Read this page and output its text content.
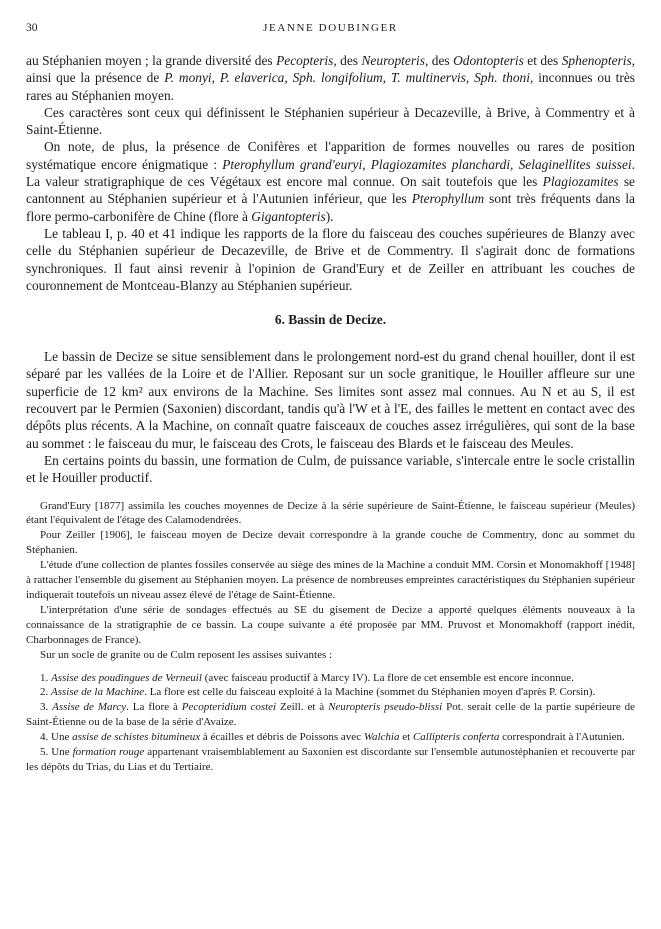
30	JEANNE DOUBINGER

au Stéphanien moyen ; la grande diversité des Pecopteris, des Neuropteris, des Odontopteris et des Sphenopteris, ainsi que la présence de P. monyi, P. elaverica, Sph. longifolium, T. multinervis, Sph. thoni, inconnues ou très rares au Stéphanien moyen.

Ces caractères sont ceux qui définissent le Stéphanien supérieur à Decazeville, à Brive, à Commentry et à Saint-Étienne.

On note, de plus, la présence de Conifères et l'apparition de formes nouvelles ou rares de position systématique encore énigmatique : Pterophyllum grand'euryi, Plagiozamites planchardi, Selaginellites suissei. La valeur stratigraphique de ces Végétaux est encore mal connue. On sait toutefois que les Plagiozamites se cantonnent au Stéphanien supérieur et à l'Autunien inférieur, que les Pterophyllum sont très fréquents dans la flore permo-carbonifère de Chine (flore à Gigantopteris).

Le tableau I, p. 40 et 41 indique les rapports de la flore du faisceau des couches supérieures de Blanzy avec celle du Stéphanien supérieur de Decazeville, de Brive et de Commentry. Il s'agirait donc de formations synchroniques. Il faut ainsi revenir à l'opinion de Grand'Eury et de Zeiller en attribuant les couches de couronnement de Montceau-Blanzy au Stéphanien supérieur.

6. Bassin de Decize.

Le bassin de Decize se situe sensiblement dans le prolongement nord-est du grand chenal houiller, dont il est séparé par les vallées de la Loire et de l'Allier. Reposant sur un socle granitique, le Houiller affleure sur une superficie de 12 km² aux environs de la Machine. Ses limites sont assez mal connues. Au N et au S, il est recouvert par le Permien (Saxonien) discordant, tandis qu'à l'W et à l'E, des failles le mettent en contact avec des dépôts plus récents. A la Machine, on connaît quatre faisceaux de couches assez irrégulières, qui sont de la base au sommet : le faisceau du mur, le faisceau des Crots, le faisceau des Blards et le faisceau des Meules.

En certains points du bassin, une formation de Culm, de puissance variable, s'intercale entre le socle cristallin et le Houiller productif.

Grand'Eury [1877] assimila les couches moyennes de Decize à la série supérieure de Saint-Étienne, le faisceau supérieur (Meules) étant l'équivalent de l'étage des Calamodendrées.

Pour Zeiller [1906], le faisceau moyen de Decize devait correspondre à la grande couche de Commentry, donc au sommet du Stéphanien.

L'étude d'une collection de plantes fossiles conservée au siège des mines de la Machine a conduit MM. Corsin et Monomakhoff [1948] à rattacher l'ensemble du gisement au Stéphanien moyen. La présence de nombreuses empreintes caractéristiques du Stéphanien supérieur indiquerait toutefois un niveau assez élevé de l'étage de Saint-Étienne.

L'interprétation d'une série de sondages effectués au SE du gisement de Decize a apporté quelques éléments nouveaux à la connaissance de la stratigraphie de ce bassin. La coupe suivante a été proposée par MM. Pruvost et Monomakhoff (rapport inédit, Charbonnages de France).

Sur un socle de granite ou de Culm reposent les assises suivantes :

1. Assise des poudingues de Verneuil (avec faisceau productif à Marcy IV). La flore de cet ensemble est encore inconnue.

2. Assise de la Machine. La flore est celle du faisceau exploité à la Machine (sommet du Stéphanien moyen d'après P. Corsin).

3. Assise de Marcy. La flore à Pecopteridium costei Zeill. et à Neuropteris pseudo-blissi Pot. serait celle de la partie supérieure de Saint-Étienne ou de la base de la série d'Avaize.

4. Une assise de schistes bitumineux à écailles et débris de Poissons avec Walchia et Callipteris conferta correspondrait à l'Autunien.

5. Une formation rouge appartenant vraisemblablement au Saxonien est discordante sur l'ensemble autunostéphanien et recouverte par les dépôts du Trias, du Lias et du Tertiaire.
